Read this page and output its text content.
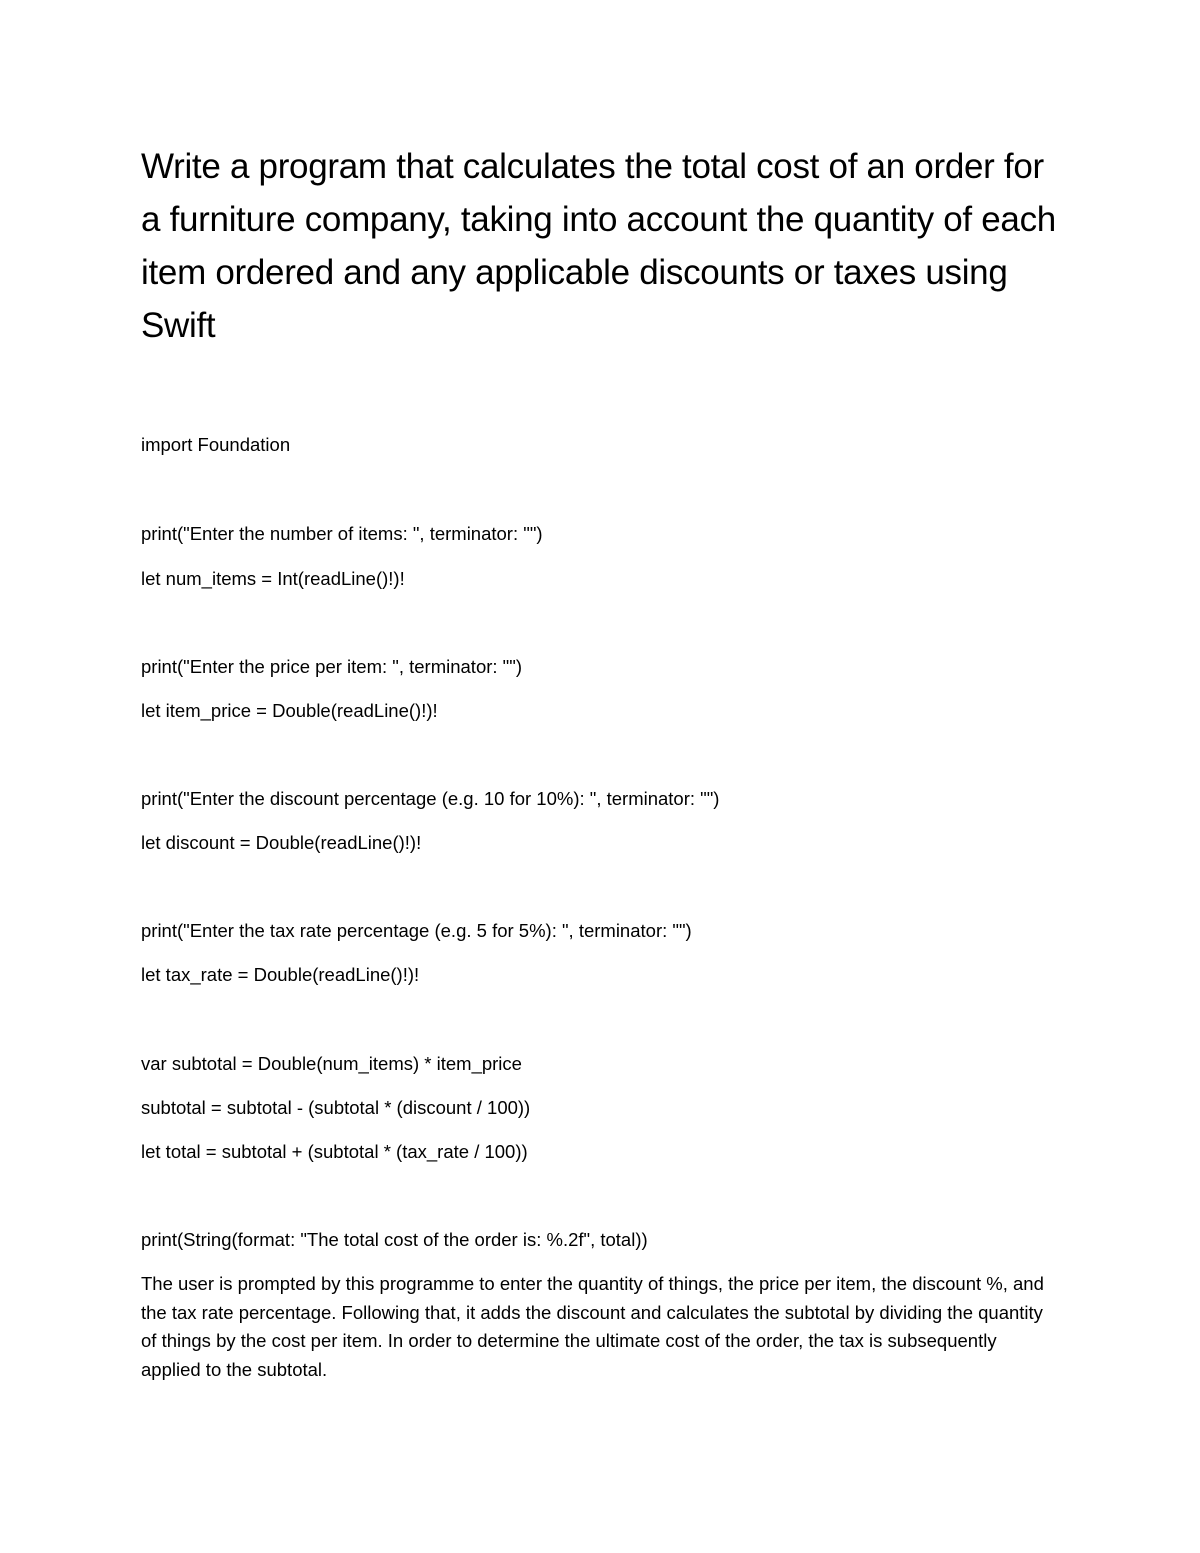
Write a program that calculates the total cost of an order for a furniture company, taking into account the quantity of each item ordered and any applicable discounts or taxes using Swift

import Foundation

print("Enter the number of items: ", terminator: "")

let num_items = Int(readLine()!)!

print("Enter the price per item: ", terminator: "")

let item_price = Double(readLine()!)!

print("Enter the discount percentage (e.g. 10 for 10%): ", terminator: "")

let discount = Double(readLine()!)!

print("Enter the tax rate percentage (e.g. 5 for 5%): ", terminator: "")

let tax_rate = Double(readLine()!)!

var subtotal = Double(num_items) * item_price

subtotal = subtotal - (subtotal * (discount / 100))

let total = subtotal + (subtotal * (tax_rate / 100))

print(String(format: "The total cost of the order is: %.2f", total))

The user is prompted by this programme to enter the quantity of things, the price per item, the discount %, and the tax rate percentage. Following that, it adds the discount and calculates the subtotal by dividing the quantity of things by the cost per item. In order to determine the ultimate cost of the order, the tax is subsequently applied to the subtotal.
